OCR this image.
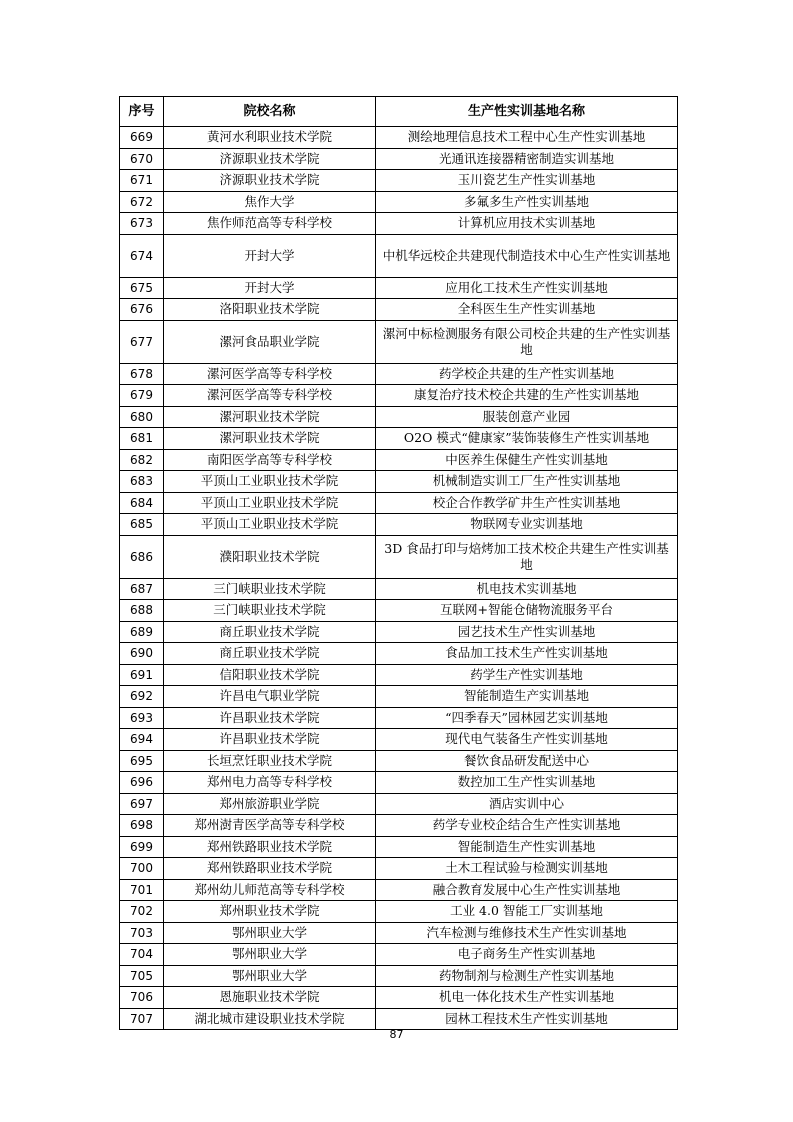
序号	院校名称	生产性实训基地名称
669	黄河水利职业技术学院	测绘地理信息技术工程中心生产性实训基地
670	济源职业技术学院	光通讯连接器精密制造实训基地
671	济源职业技术学院	玉川瓷艺生产性实训基地
672	焦作大学	多氟多生产性实训基地
673	焦作师范高等专科学校	计算机应用技术实训基地
674	开封大学	中机华远校企共建现代制造技术中心生产性实训基地
675	开封大学	应用化工技术生产性实训基地
676	洛阳职业技术学院	全科医生生产性实训基地
677	漯河食品职业学院	漯河中标检测服务有限公司校企共建的生产性实训基地
678	漯河医学高等专科学校	药学校企共建的生产性实训基地
679	漯河医学高等专科学校	康复治疗技术校企共建的生产性实训基地
680	漯河职业技术学院	服装创意产业园
681	漯河职业技术学院	O2O 模式“健康家”装饰装修生产性实训基地
682	南阳医学高等专科学校	中医养生保健生产性实训基地
683	平顶山工业职业技术学院	机械制造实训工厂生产性实训基地
684	平顶山工业职业技术学院	校企合作教学矿井生产性实训基地
685	平顶山工业职业技术学院	物联网专业实训基地
686	濮阳职业技术学院	3D 食品打印与焙烤加工技术校企共建生产性实训基地
687	三门峡职业技术学院	机电技术实训基地
688	三门峡职业技术学院	互联网+智能仓储物流服务平台
689	商丘职业技术学院	园艺技术生产性实训基地
690	商丘职业技术学院	食品加工技术生产性实训基地
691	信阳职业技术学院	药学生产性实训基地
692	许昌电气职业学院	智能制造生产实训基地
693	许昌职业技术学院	“四季春天”园林园艺实训基地
694	许昌职业技术学院	现代电气装备生产性实训基地
695	长垣烹饪职业技术学院	餐饮食品研发配送中心
696	郑州电力高等专科学校	数控加工生产性实训基地
697	郑州旅游职业学院	酒店实训中心
698	郑州澍青医学高等专科学校	药学专业校企结合生产性实训基地
699	郑州铁路职业技术学院	智能制造生产性实训基地
700	郑州铁路职业技术学院	土木工程试验与检测实训基地
701	郑州幼儿师范高等专科学校	融合教育发展中心生产性实训基地
702	郑州职业技术学院	工业 4.0 智能工厂实训基地
703	鄂州职业大学	汽车检测与维修技术生产性实训基地
704	鄂州职业大学	电子商务生产性实训基地
705	鄂州职业大学	药物制剂与检测生产性实训基地
706	恩施职业技术学院	机电一体化技术生产性实训基地
707	湖北城市建设职业技术学院	园林工程技术生产性实训基地
87
